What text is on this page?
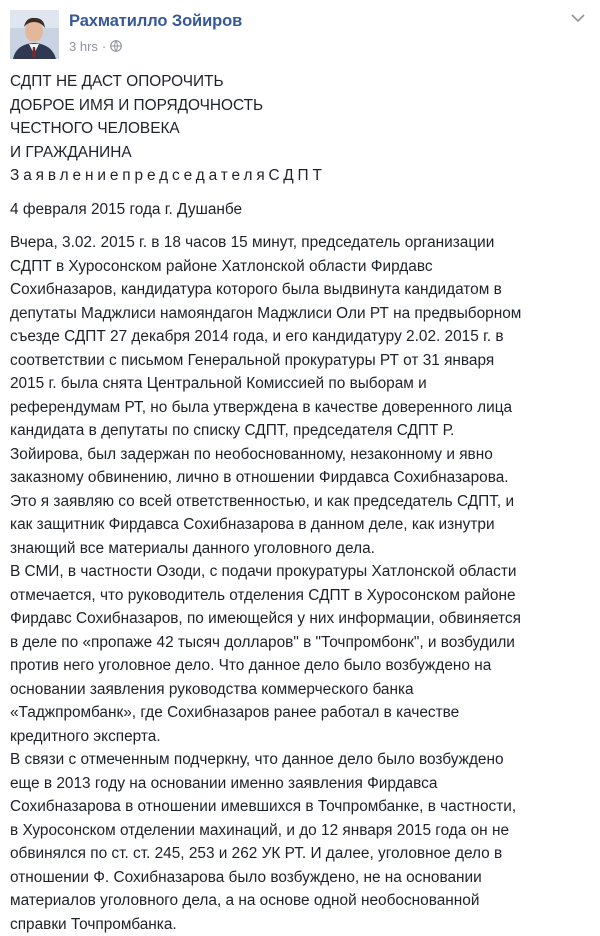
Рахматилло Зойиров
3 hrs ·
СДПТ НЕ ДАСТ ОПОРОЧИТЬ
ДОБРОЕ ИМЯ И ПОРЯДОЧНОСТЬ
ЧЕСТНОГО ЧЕЛОВЕКА
И ГРАЖДАНИНА
ЗаявлениепредседателяСДПТ
4 февраля 2015 года г. Душанбе
Вчера, 3.02. 2015 г. в 18 часов 15 минут, председатель организации
СДПТ в Хуросонском районе Хатлонской области Фирдавс
Сохибназаров, кандидатура которого была выдвинута кандидатом в
депутаты Маджлиси намояндагон Маджлиси Оли РТ на предвыборном
съезде СДПТ 27 декабря 2014 года, и его кандидатуру 2.02. 2015 г. в
соответствии с письмом Генеральной прокуратуры РТ от 31 января
2015 г. была снята Центральной Комиссией по выборам и
референдумам РТ, но была утверждена в качестве доверенного лица
кандидата в депутаты по списку СДПТ, председателя СДПТ Р.
Зойирова, был задержан по необоснованному, незаконному и явно
заказному обвинению, лично в отношении Фирдавса Сохибназарова.
Это я заявляю со всей ответственностью, и как председатель СДПТ, и
как защитник Фирдавса Сохибназарова в данном деле, как изнутри
знающий все материалы данного уголовного дела.
В СМИ, в частности Озоди, с подачи прокуратуры Хатлонской области
отмечается, что руководитель отделения СДПТ в Хуросонском районе
Фирдавс Сохибназаров, по имеющейся у них информации, обвиняется
в деле по «пропаже 42 тысяч долларов" в "Точпромбонк", и возбудили
против него уголовное дело. Что данное дело было возбуждено на
основании заявления руководства коммерческого банка
«Таджпромбанк», где Сохибназаров ранее работал в качестве
кредитного эксперта.
В связи с отмеченным подчеркну, что данное дело было возбуждено
еще в 2013 году на основании именно заявления Фирдавса
Сохибназарова в отношении имевшихся в Точпромбанке, в частности,
в Хуросонском отделении махинаций, и до 12 января 2015 года он не
обвинялся по ст. ст. 245, 253 и 262 УК РТ. И далее, уголовное дело в
отношении Ф. Сохибназарова было возбуждено, не на основании
материалов уголовного дела, а на основе одной необоснованной
справки Точпромбанка.
